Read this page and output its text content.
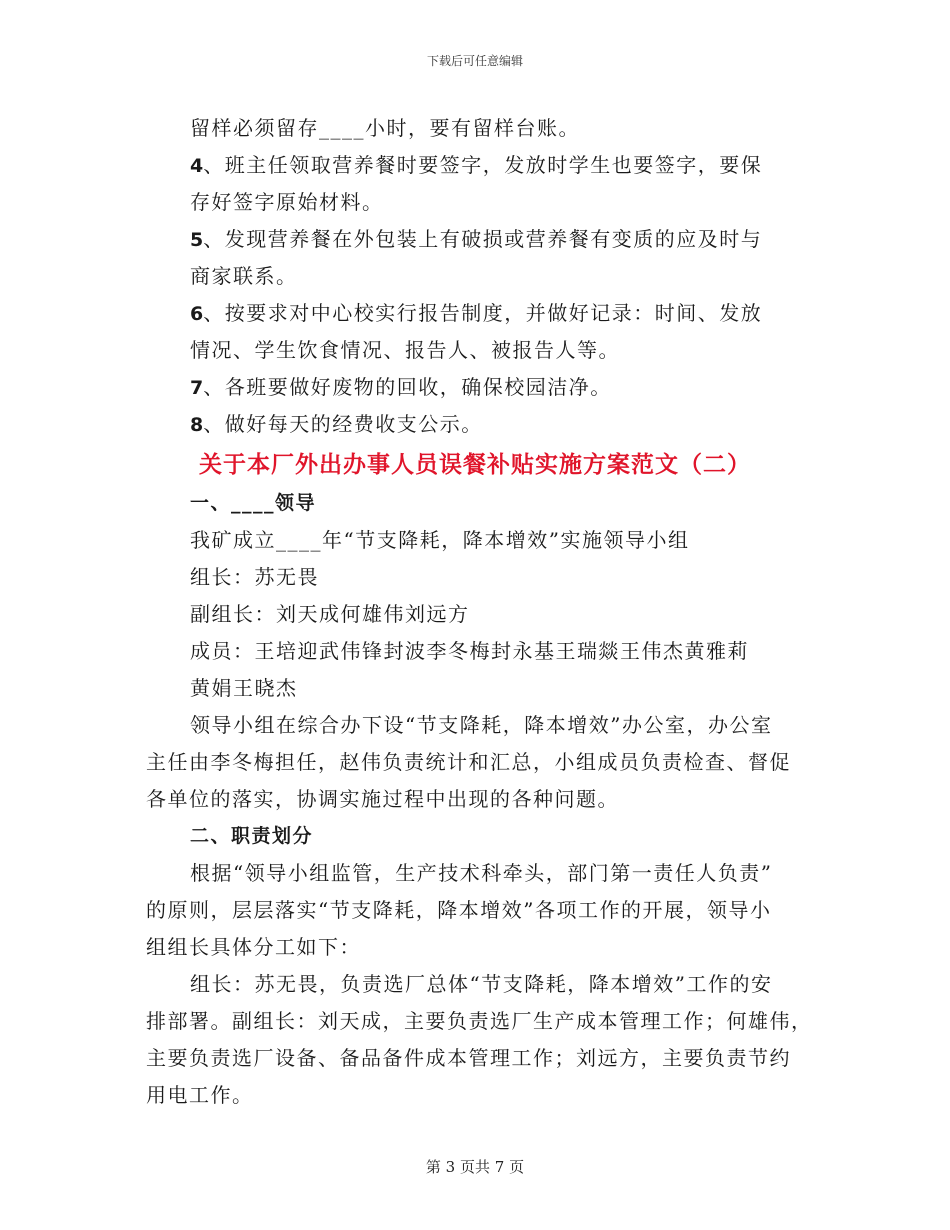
下载后可任意编辑
留样必须留存____小时，要有留样台账。
4、班主任领取营养餐时要签字，发放时学生也要签字，要保
存好签字原始材料。
5、发现营养餐在外包装上有破损或营养餐有变质的应及时与
商家联系。
6、按要求对中心校实行报告制度，并做好记录：时间、发放
情况、学生饮食情况、报告人、被报告人等。
7、各班要做好废物的回收，确保校园洁净。
8、做好每天的经费收支公示。
关于本厂外出办事人员误餐补贴实施方案范文（二）
一、____领导
我矿成立____年“节支降耗，降本增效”实施领导小组
组长：苏无畏
副组长：刘天成何雄伟刘远方
成员：王培迎武伟锋封波李冬梅封永基王瑞燚王伟杰黄雅莉
黄娟王晓杰
领导小组在综合办下设“节支降耗，降本增效”办公室，办公室
主任由李冬梅担任，赵伟负责统计和汇总，小组成员负责检查、督促
各单位的落实，协调实施过程中出现的各种问题。
二、职责划分
根据“领导小组监管，生产技术科牵头，部门第一责任人负责”
的原则，层层落实“节支降耗，降本增效”各项工作的开展，领导小
组组长具体分工如下：
组长：苏无畏，负责选厂总体“节支降耗，降本增效”工作的安
排部署。副组长：刘天成，主要负责选厂生产成本管理工作；何雄伟，
主要负责选厂设备、备品备件成本管理工作；刘远方，主要负责节约
用电工作。
第 3 页共 7 页
